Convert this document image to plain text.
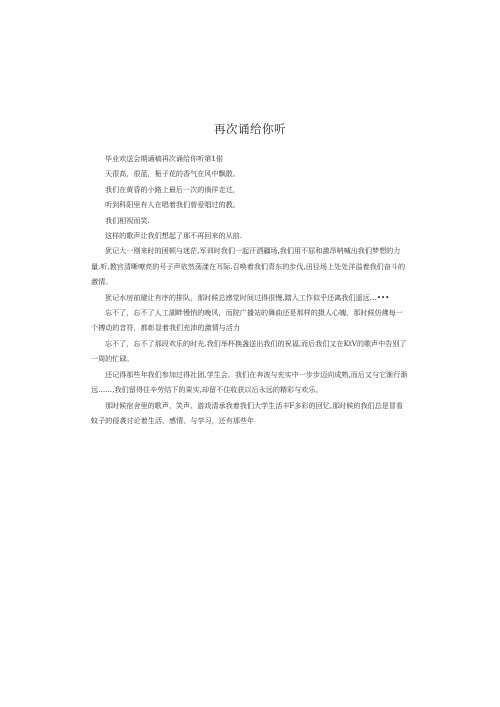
再次诵给你听

毕业欢送会期诵稿再次诵给你听第1偌

天很高，很蓝，栀子花的香气在风中飘散。

我们在黄昏的小路上最后一次的徜徉走过，

听到科阳里有人在唱着我们曾爱唱过的教。

我们相视而笑.

这样的歌声让我们想起了那不再回来的从前.

犹记大一刚来时的困顿与迷茫,军训时我们一起汗洒疆场,我们用不屈和激昂呐喊出我们梦想的力量.听,教官清晰嘹亮的号子声依然荡漾在耳际.召唤着我们青东的步伐,田径场上处处洋溢着我们奋斗的激情。

犹记水房前避让有序的排队，那时候总感觉时间过得很慢,踏入工作似乎还离我们遥远…•••

忘不了，忘不了人工湖畔慢悄的晚风，而院广播站的舞曲还是那样的摄人心魄，那时候仿佛每一个搏动的音符，都彰显着我们充沛的激情与活力

忘不了，忘不了那段欢乐的时光,我们举杯换盏送出我们的祝福,而后我们又在KtV的歌声中告别了一周的忙碌。

还记得那些年我们参加过得社团,学生会。我们在奔波与充实中一步步迈向成熟,而后又与它渐行渐远……,我们留得住辛劳结下的果实,却留不住收获以后永远的精彩与欢乐。

那时候宿舍里的歌声、笑声、游戏清承我着我们大学生活丰F多彩的回忆,那时候的我们总是冒看蚊子的侵袭讨论着生活、感情、与学习，还有那些年
